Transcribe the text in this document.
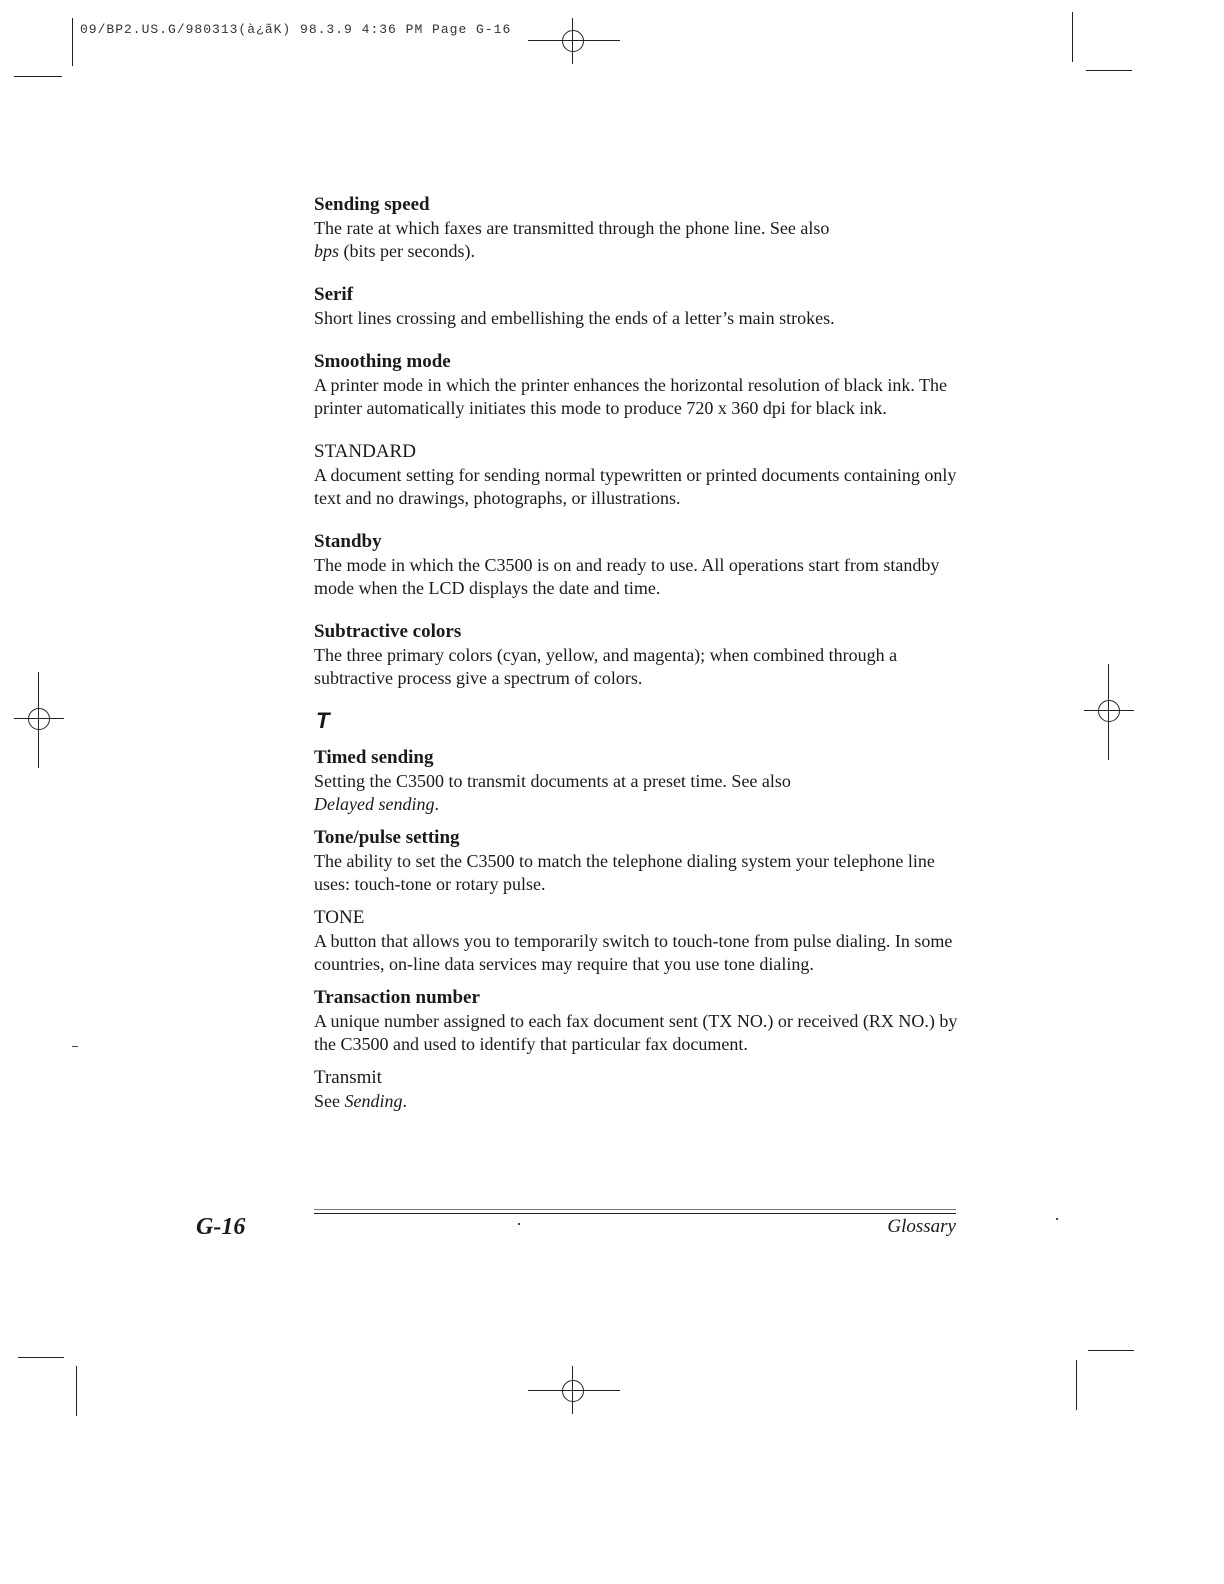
09/BP2.US.G/980313(à¿ãK) 98.3.9 4:36 PM Page G-16

Sending speed

The rate at which faxes are transmitted through the phone line. See also
bps (bits per seconds).

Serif

Short lines crossing and embellishing the ends of a letter’s main strokes.

Smoothing mode

A printer mode in which the printer enhances the horizontal resolution of black ink. The printer automatically initiates this mode to produce 720 x 360 dpi for black ink.

STANDARD

A document setting for sending normal typewritten or printed documents containing only text and no drawings, photographs, or illustrations.

Standby

The mode in which the C3500 is on and ready to use. All operations start from standby mode when the LCD displays the date and time.

Subtractive colors

The three primary colors (cyan, yellow, and magenta); when combined through a subtractive process give a spectrum of colors.

T

Timed sending

Setting the C3500 to transmit documents at a preset time. See also
Delayed sending.

Tone/pulse setting

The ability to set the C3500 to match the telephone dialing system your telephone line uses: touch-tone or rotary pulse.

TONE

A button that allows you to temporarily switch to touch-tone from pulse dialing. In some countries, on-line data services may require that you use tone dialing.

Transaction number

A unique number assigned to each fax document sent (TX NO.) or received (RX NO.) by the C3500 and used to identify that particular fax document.

Transmit

See Sending.

G-16	Glossary
